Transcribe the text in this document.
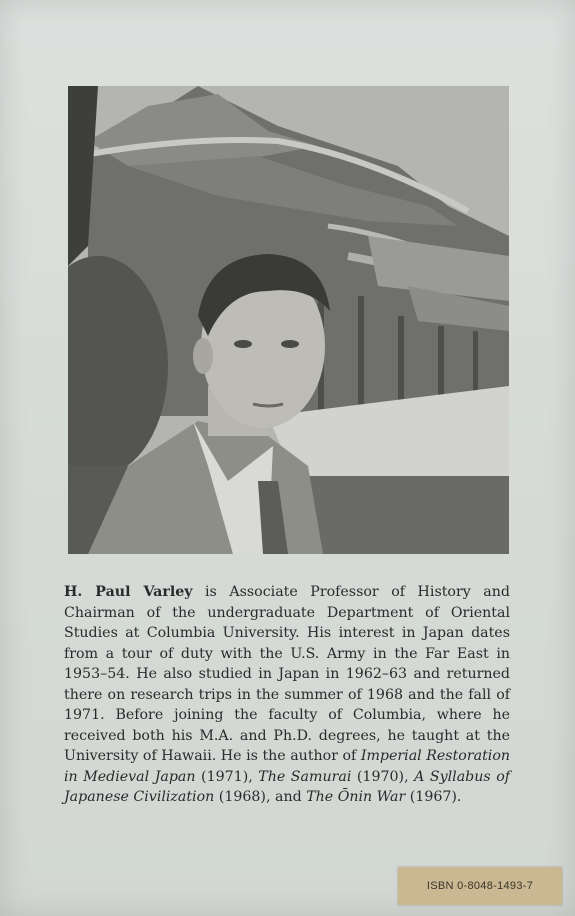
H. Paul Varley is Associate Professor of History and Chairman of the undergraduate Department of Oriental Studies at Columbia University. His interest in Japan dates from a tour of duty with the U.S. Army in the Far East in 1953–54. He also studied in Japan in 1962–63 and returned there on research trips in the summer of 1968 and the fall of 1971. Before joining the faculty of Columbia, where he received both his M.A. and Ph.D. degrees, he taught at the University of Hawaii. He is the author of Imperial Restoration in Medieval Japan (1971), The Samurai (1970), A Syllabus of Japanese Civilization (1968), and The Ōnin War (1967).

ISBN 0-8048-1493-7
